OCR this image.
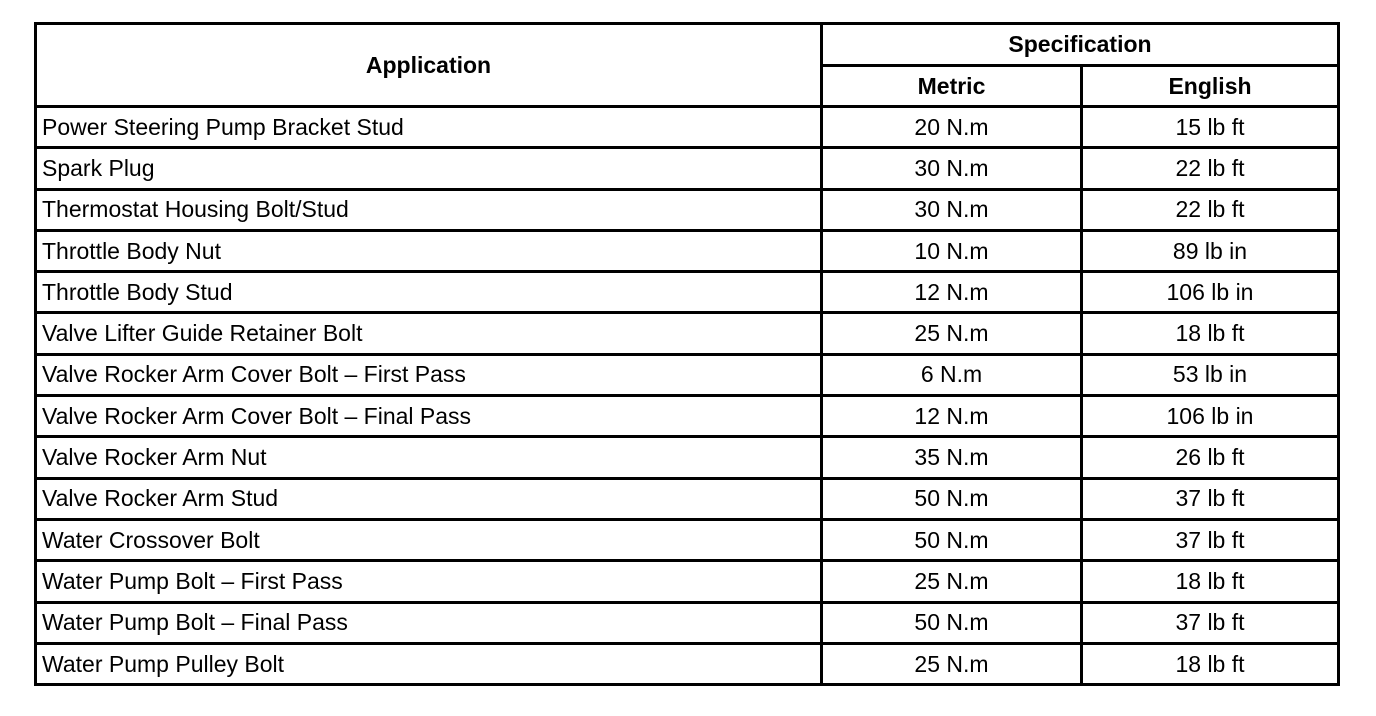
Application	Specification	
	Metric	English
Power Steering Pump Bracket Stud	20 N.m	15 lb ft
Spark Plug	30 N.m	22 lb ft
Thermostat Housing Bolt/Stud	30 N.m	22 lb ft
Throttle Body Nut	10 N.m	89 lb in
Throttle Body Stud	12 N.m	106 lb in
Valve Lifter Guide Retainer Bolt	25 N.m	18 lb ft
Valve Rocker Arm Cover Bolt – First Pass	6 N.m	53 lb in
Valve Rocker Arm Cover Bolt – Final Pass	12 N.m	106 lb in
Valve Rocker Arm Nut	35 N.m	26 lb ft
Valve Rocker Arm Stud	50 N.m	37 lb ft
Water Crossover Bolt	50 N.m	37 lb ft
Water Pump Bolt – First Pass	25 N.m	18 lb ft
Water Pump Bolt – Final Pass	50 N.m	37 lb ft
Water Pump Pulley Bolt	25 N.m	18 lb ft
